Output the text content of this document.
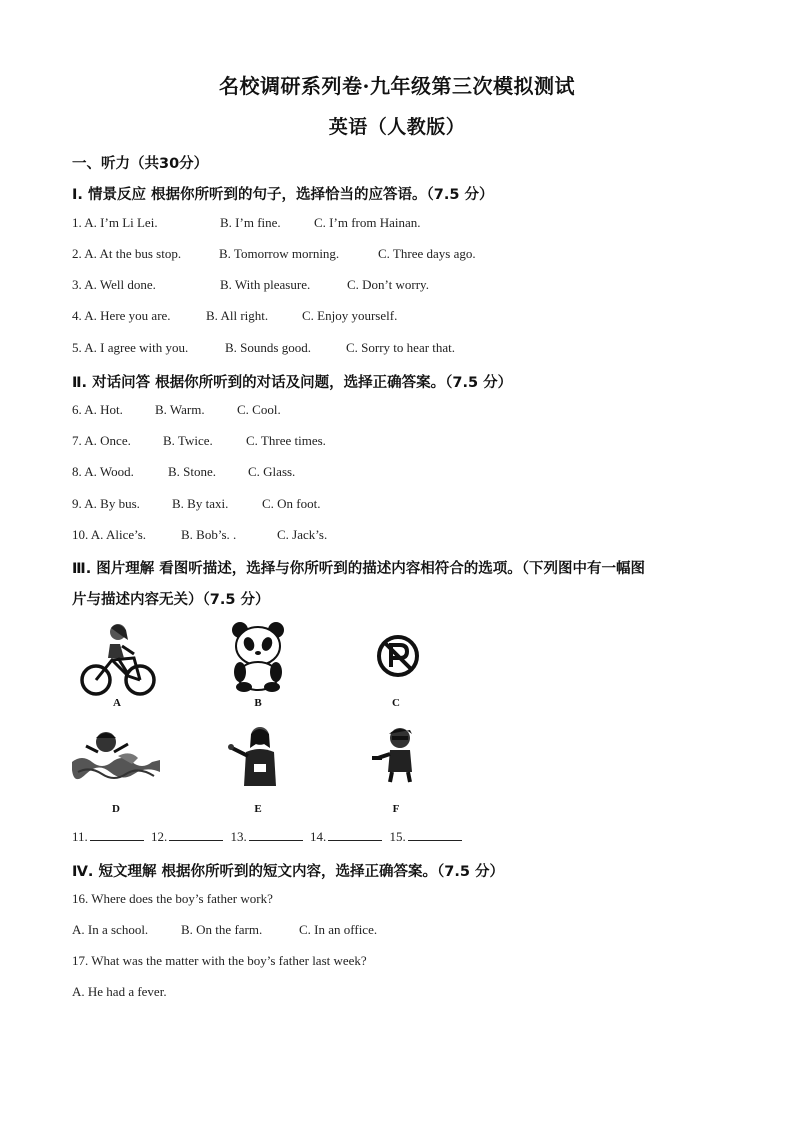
名校调研系列卷·九年级第三次模拟测试
英语（人教版）
一、听力（共30分）
I. 情景反应 根据你所听到的句子，选择恰当的应答语。（7.5 分）
1. A. I’m Li Lei.	B. I’m fine.	C. I’m from Hainan.
2. A. At the bus stop.	B. Tomorrow morning.	C. Three days ago.
3. A. Well done.	B. With pleasure.	C. Don’t worry.
4. A. Here you are.	B. All right.	C. Enjoy yourself.
5. A. I agree with you.	B. Sounds good.	C. Sorry to hear that.
Ⅱ. 对话问答 根据你所听到的对话及问题，选择正确答案。（7.5 分）
6. A. Hot. B. Warm. C. Cool.
7. A. Once. B. Twice.	C. Three times.
8. A. Wood.	B. Stone. C. Glass.
9. A. By bus. B. By taxi.	C. On foot.
10. A. Alice’s.	B. Bob’s. .	C. Jack’s.
Ⅲ. 图片理解 看图听描述，选择与你所听到的描述内容相符合的选项。（下列图中有一幅图
片与描述内容无关）（7.5 分）
A	B	C
D	E	F
11.	12.	13.	14.	15.
Ⅳ. 短文理解 根据你所听到的短文内容，选择正确答案。（7.5 分）
16. Where does the boy’s father work?
A. In a school.	B. On the farm.	C. In an office.
17. What was the matter with the boy’s father last week?
A. He had a fever.
